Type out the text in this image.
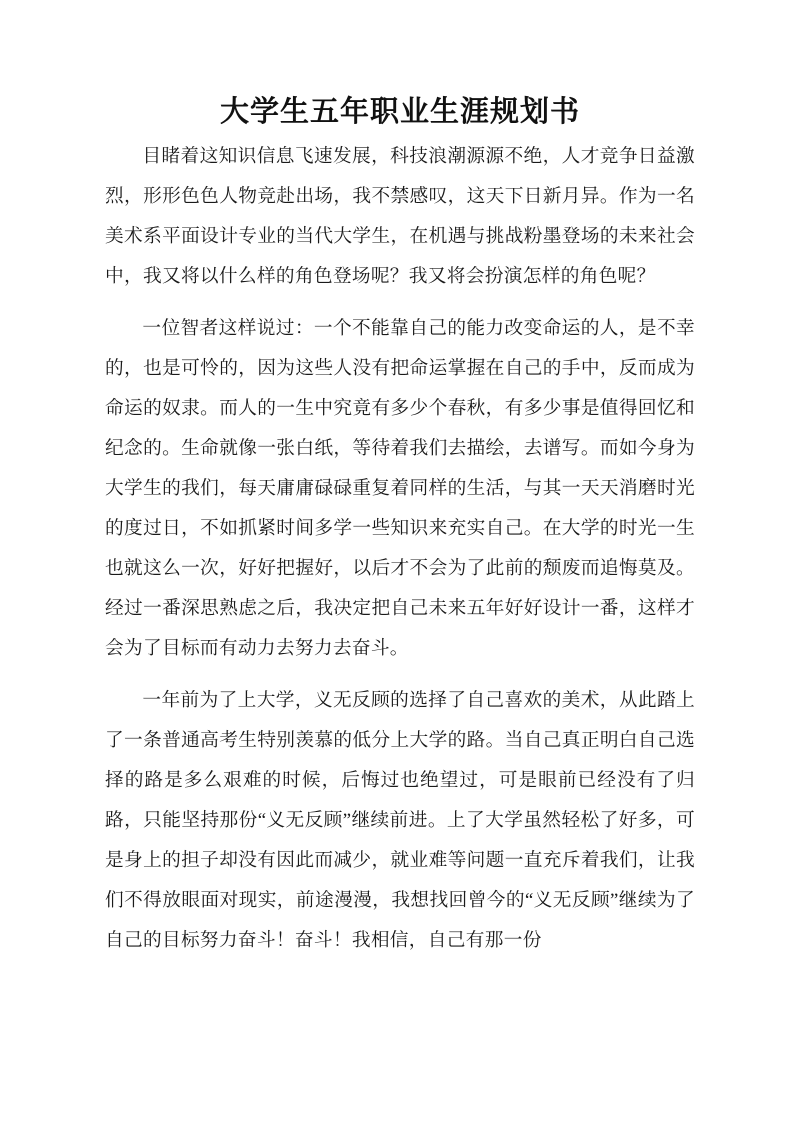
大学生五年职业生涯规划书

目睹着这知识信息飞速发展，科技浪潮源源不绝，人才竞争日益激烈，形形色色人物竞赴出场，我不禁感叹，这天下日新月异。作为一名美术系平面设计专业的当代大学生，在机遇与挑战粉墨登场的未来社会中，我又将以什么样的角色登场呢？我又将会扮演怎样的角色呢？

一位智者这样说过：一个不能靠自己的能力改变命运的人，是不幸的，也是可怜的，因为这些人没有把命运掌握在自己的手中，反而成为命运的奴隶。而人的一生中究竟有多少个春秋，有多少事是值得回忆和纪念的。生命就像一张白纸，等待着我们去描绘，去谱写。而如今身为大学生的我们，每天庸庸碌碌重复着同样的生活，与其一天天消磨时光的度过日，不如抓紧时间多学一些知识来充实自己。在大学的时光一生也就这么一次，好好把握好，以后才不会为了此前的颓废而追悔莫及。经过一番深思熟虑之后，我决定把自己未来五年好好设计一番，这样才会为了目标而有动力去努力去奋斗。

一年前为了上大学，义无反顾的选择了自己喜欢的美术，从此踏上了一条普通高考生特别羡慕的低分上大学的路。当自己真正明白自己选择的路是多么艰难的时候，后悔过也绝望过，可是眼前已经没有了归路，只能坚持那份“义无反顾”继续前进。上了大学虽然轻松了好多，可是身上的担子却没有因此而减少，就业难等问题一直充斥着我们，让我们不得放眼面对现实，前途漫漫，我想找回曾今的“义无反顾”继续为了自己的目标努力奋斗！奋斗！我相信，自己有那一份
